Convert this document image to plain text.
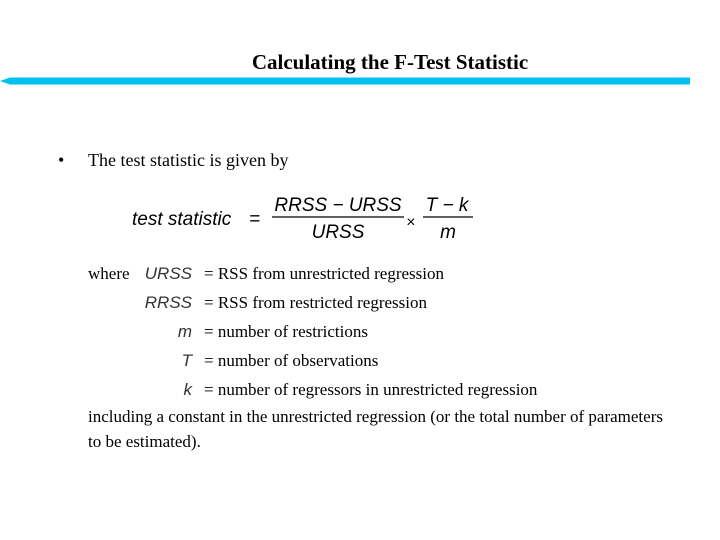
Calculating the F-Test Statistic
• The test statistic is given by
test statistic =
RRSS − URSS
URSS	×
T − k
m
where URSS = RSS from unrestricted regression
RRSS = RSS from restricted regression
m = number of restrictions
T = number of observations
k = number of regressors in unrestricted regression
including a constant in the unrestricted regression (or the total number of parameters to be estimated).
